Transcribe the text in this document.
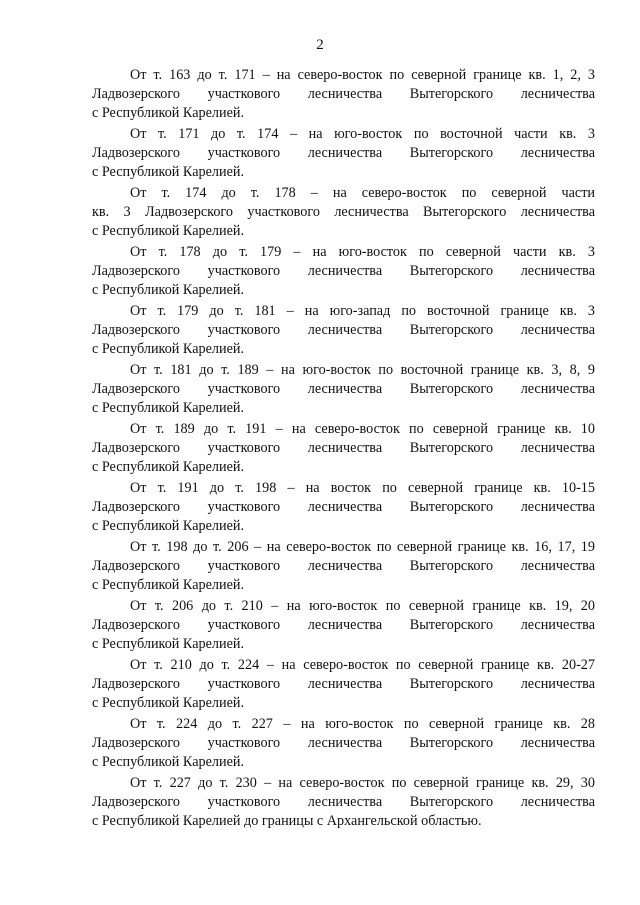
2
От т. 163 до т. 171 – на северо-восток по северной границе кв. 1, 2, 3
Ладвозерского участкового лесничества Вытегорского лесничества
с Республикой Карелией.
От т. 171 до т. 174 – на юго-восток по восточной части кв. 3
Ладвозерского участкового лесничества Вытегорского лесничества
с Республикой Карелией.
От т. 174 до т. 178 – на северо-восток по северной части
кв. 3 Ладвозерского участкового лесничества Вытегорского лесничества
с Республикой Карелией.
От т. 178 до т. 179 – на юго-восток по северной части кв. 3
Ладвозерского участкового лесничества Вытегорского лесничества
с Республикой Карелией.
От т. 179 до т. 181 – на юго-запад по восточной границе кв. 3
Ладвозерского участкового лесничества Вытегорского лесничества
с Республикой Карелией.
От т. 181 до т. 189 – на юго-восток по восточной границе кв. 3, 8, 9
Ладвозерского участкового лесничества Вытегорского лесничества
с Республикой Карелией.
От т. 189 до т. 191 – на северо-восток по северной границе кв. 10
Ладвозерского участкового лесничества Вытегорского лесничества
с Республикой Карелией.
От т. 191 до т. 198 – на восток по северной границе кв. 10-15
Ладвозерского участкового лесничества Вытегорского лесничества
с Республикой Карелией.
От т. 198 до т. 206 – на северо-восток по северной границе кв. 16, 17, 19
Ладвозерского участкового лесничества Вытегорского лесничества
с Республикой Карелией.
От т. 206 до т. 210 – на юго-восток по северной границе кв. 19, 20
Ладвозерского участкового лесничества Вытегорского лесничества
с Республикой Карелией.
От т. 210 до т. 224 – на северо-восток по северной границе кв. 20-27
Ладвозерского участкового лесничества Вытегорского лесничества
с Республикой Карелией.
От т. 224 до т. 227 – на юго-восток по северной границе кв. 28
Ладвозерского участкового лесничества Вытегорского лесничества
с Республикой Карелией.
От т. 227 до т. 230 – на северо-восток по северной границе кв. 29, 30
Ладвозерского участкового лесничества Вытегорского лесничества
с Республикой Карелией до границы с Архангельской областью.
